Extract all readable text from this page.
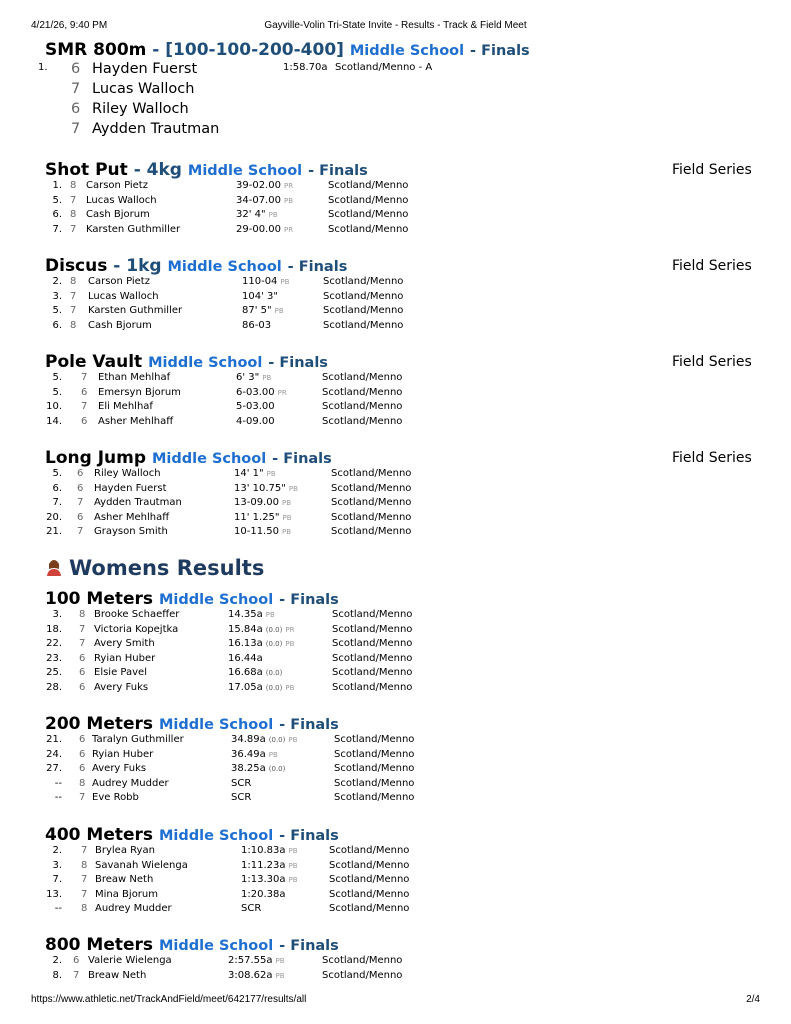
4/21/26, 9:40 PM	Gayville-Volin Tri-State Invite - Results - Track & Field Meet
SMR 800m - [100-100-200-400] Middle School - Finals
1.	1:58.70a Scotland/Menno - A
6 Hayden Fuerst
7 Lucas Walloch
6 Riley Walloch
7 Aydden Trautman
Shot Put - 4kg Middle School - Finals	Field Series
1. 8 Carson Pietz	39-02.00 PR	Scotland/Menno
5. 7 Lucas Walloch	34-07.00 PB	Scotland/Menno
6. 8 Cash Bjorum	32' 4" PB	Scotland/Menno
7. 7 Karsten Guthmiller	29-00.00 PR	Scotland/Menno
Discus - 1kg Middle School - Finals	Field Series
2. 8 Carson Pietz	110-04 PB	Scotland/Menno
3. 7 Lucas Walloch	104' 3"	Scotland/Menno
5. 7 Karsten Guthmiller	87' 5" PB	Scotland/Menno
6. 8 Cash Bjorum	86-03	Scotland/Menno
Pole Vault Middle School - Finals	Field Series
5. 7 Ethan Mehlhaf	6' 3" PB	Scotland/Menno
5. 6 Emersyn Bjorum	6-03.00 PR	Scotland/Menno
10. 7 Eli Mehlhaf	5-03.00	Scotland/Menno
14. 6 Asher Mehlhaff	4-09.00	Scotland/Menno
Long Jump Middle School - Finals	Field Series
5. 6 Riley Walloch	14' 1" PB	Scotland/Menno
6. 6 Hayden Fuerst	13' 10.75" PB	Scotland/Menno
7. 7 Aydden Trautman	13-09.00 PB	Scotland/Menno
20. 6 Asher Mehlhaff	11' 1.25" PB	Scotland/Menno
21. 7 Grayson Smith	10-11.50 PB	Scotland/Menno
Womens Results
100 Meters Middle School - Finals
3. 8 Brooke Schaeffer	14.35a PB	Scotland/Menno
18. 7 Victoria Kopejtka	15.84a (0.0) PR	Scotland/Menno
22. 7 Avery Smith	16.13a (0.0) PB	Scotland/Menno
23. 6 Ryian Huber	16.44a	Scotland/Menno
25. 6 Elsie Pavel	16.68a (0.0)	Scotland/Menno
28. 6 Avery Fuks	17.05a (0.0) PB	Scotland/Menno
200 Meters Middle School - Finals
21. 6 Taralyn Guthmiller	34.89a (0.0) PB	Scotland/Menno
24. 6 Ryian Huber	36.49a PB	Scotland/Menno
27. 6 Avery Fuks	38.25a (0.0)	Scotland/Menno
-- 8 Audrey Mudder	SCR	Scotland/Menno
-- 7 Eve Robb	SCR	Scotland/Menno
400 Meters Middle School - Finals
2. 7 Brylea Ryan	1:10.83a PB	Scotland/Menno
3. 8 Savanah Wielenga	1:11.23a PB	Scotland/Menno
7. 7 Breaw Neth	1:13.30a PB	Scotland/Menno
13. 7 Mina Bjorum	1:20.38a	Scotland/Menno
-- 8 Audrey Mudder	SCR	Scotland/Menno
800 Meters Middle School - Finals
2. 6 Valerie Wielenga	2:57.55a PB	Scotland/Menno
8. 7 Breaw Neth	3:08.62a PB	Scotland/Menno
https://www.athletic.net/TrackAndField/meet/642177/results/all	2/4
